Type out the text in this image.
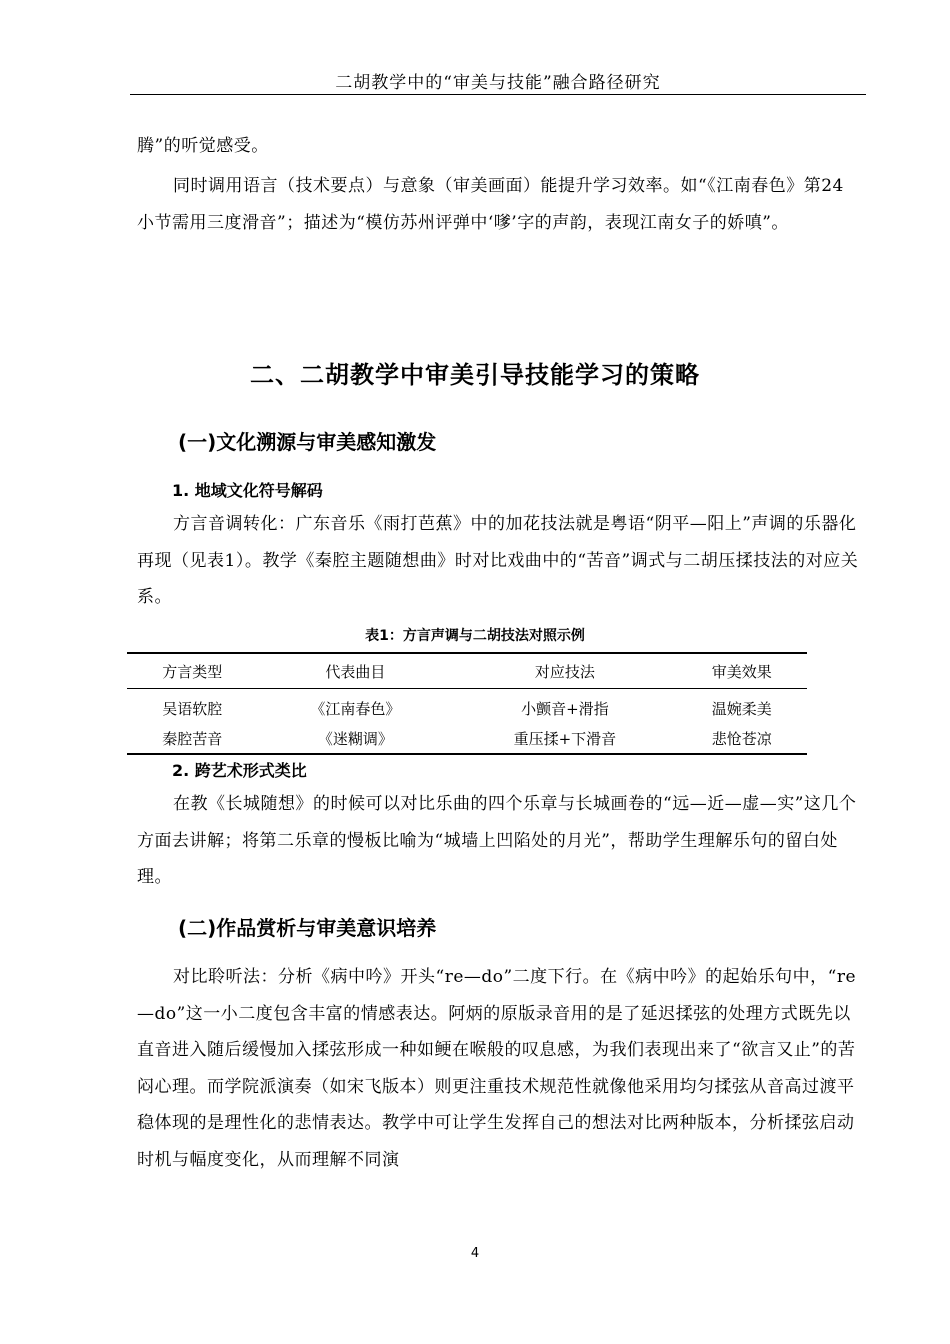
二胡教学中的“审美与技能”融合路径研究

腾”的听觉感受。

同时调用语言（技术要点）与意象（审美画面）能提升学习效率。如“《江南春色》第24小节需用三度滑音”；描述为“模仿苏州评弹中‘嗲’字的声韵，表现江南女子的娇嗔”。

二、二胡教学中审美引导技能学习的策略
(一)文化溯源与审美感知激发
1. 地域文化符号解码

方言音调转化：广东音乐《雨打芭蕉》中的加花技法就是粤语“阴平—阳上”声调的乐器化再现（见表1）。教学《秦腔主题随想曲》时对比戏曲中的“苦音”调式与二胡压揉技法的对应关系。

表1：方言声调与二胡技法对照示例
方言类型	代表曲目	对应技法	审美效果
吴语软腔	《江南春色》	小颤音+滑指	温婉柔美
秦腔苦音	《迷糊调》	重压揉+下滑音	悲怆苍凉
2. 跨艺术形式类比

在教《长城随想》的时候可以对比乐曲的四个乐章与长城画卷的“远—近—虚—实”这几个方面去讲解；将第二乐章的慢板比喻为“城墙上凹陷处的月光”，帮助学生理解乐句的留白处理。

(二)作品赏析与审美意识培养

对比聆听法：分析《病中吟》开头“re—do”二度下行。在《病中吟》的起始乐句中，“re—do”这一小二度包含丰富的情感表达。阿炳的原版录音用的是了延迟揉弦的处理方式既先以直音进入随后缓慢加入揉弦形成一种如鲠在喉般的叹息感，为我们表现出来了“欲言又止”的苦闷心理。而学院派演奏（如宋飞版本）则更注重技术规范性就像他采用均匀揉弦从音高过渡平稳体现的是理性化的悲情表达。教学中可让学生发挥自己的想法对比两种版本，分析揉弦启动时机与幅度变化，从而理解不同演

4
